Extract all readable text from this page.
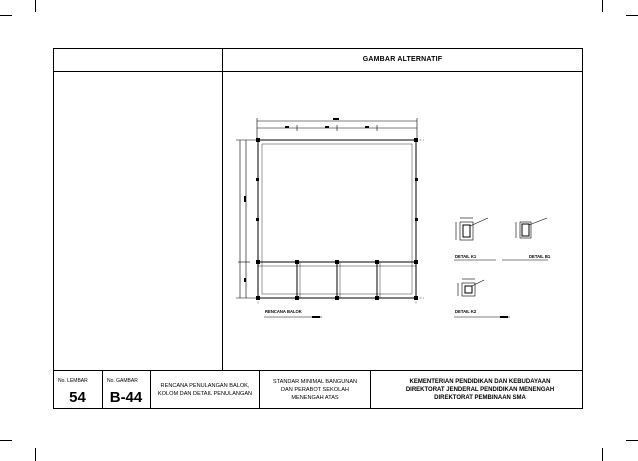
GAMBAR ALTERNATIF
No. LEMBAR
54
No. GAMBAR
B-44
RENCANA PENULANGAN BALOK, KOLOM DAN DETAIL PENULANGAN
STANDAR MINIMAL BANGUNAN DAN PERABOT SEKOLAH MENENGAH ATAS
KEMENTERIAN PENDIDIKAN DAN KEBUDAYAAN DIREKTORAT JENDERAL PENDIDIKAN MENENGAH DIREKTORAT PEMBINAAN SMA
RENCANA BALOK
DETAIL K1	DETAIL B1
DETAIL K2
